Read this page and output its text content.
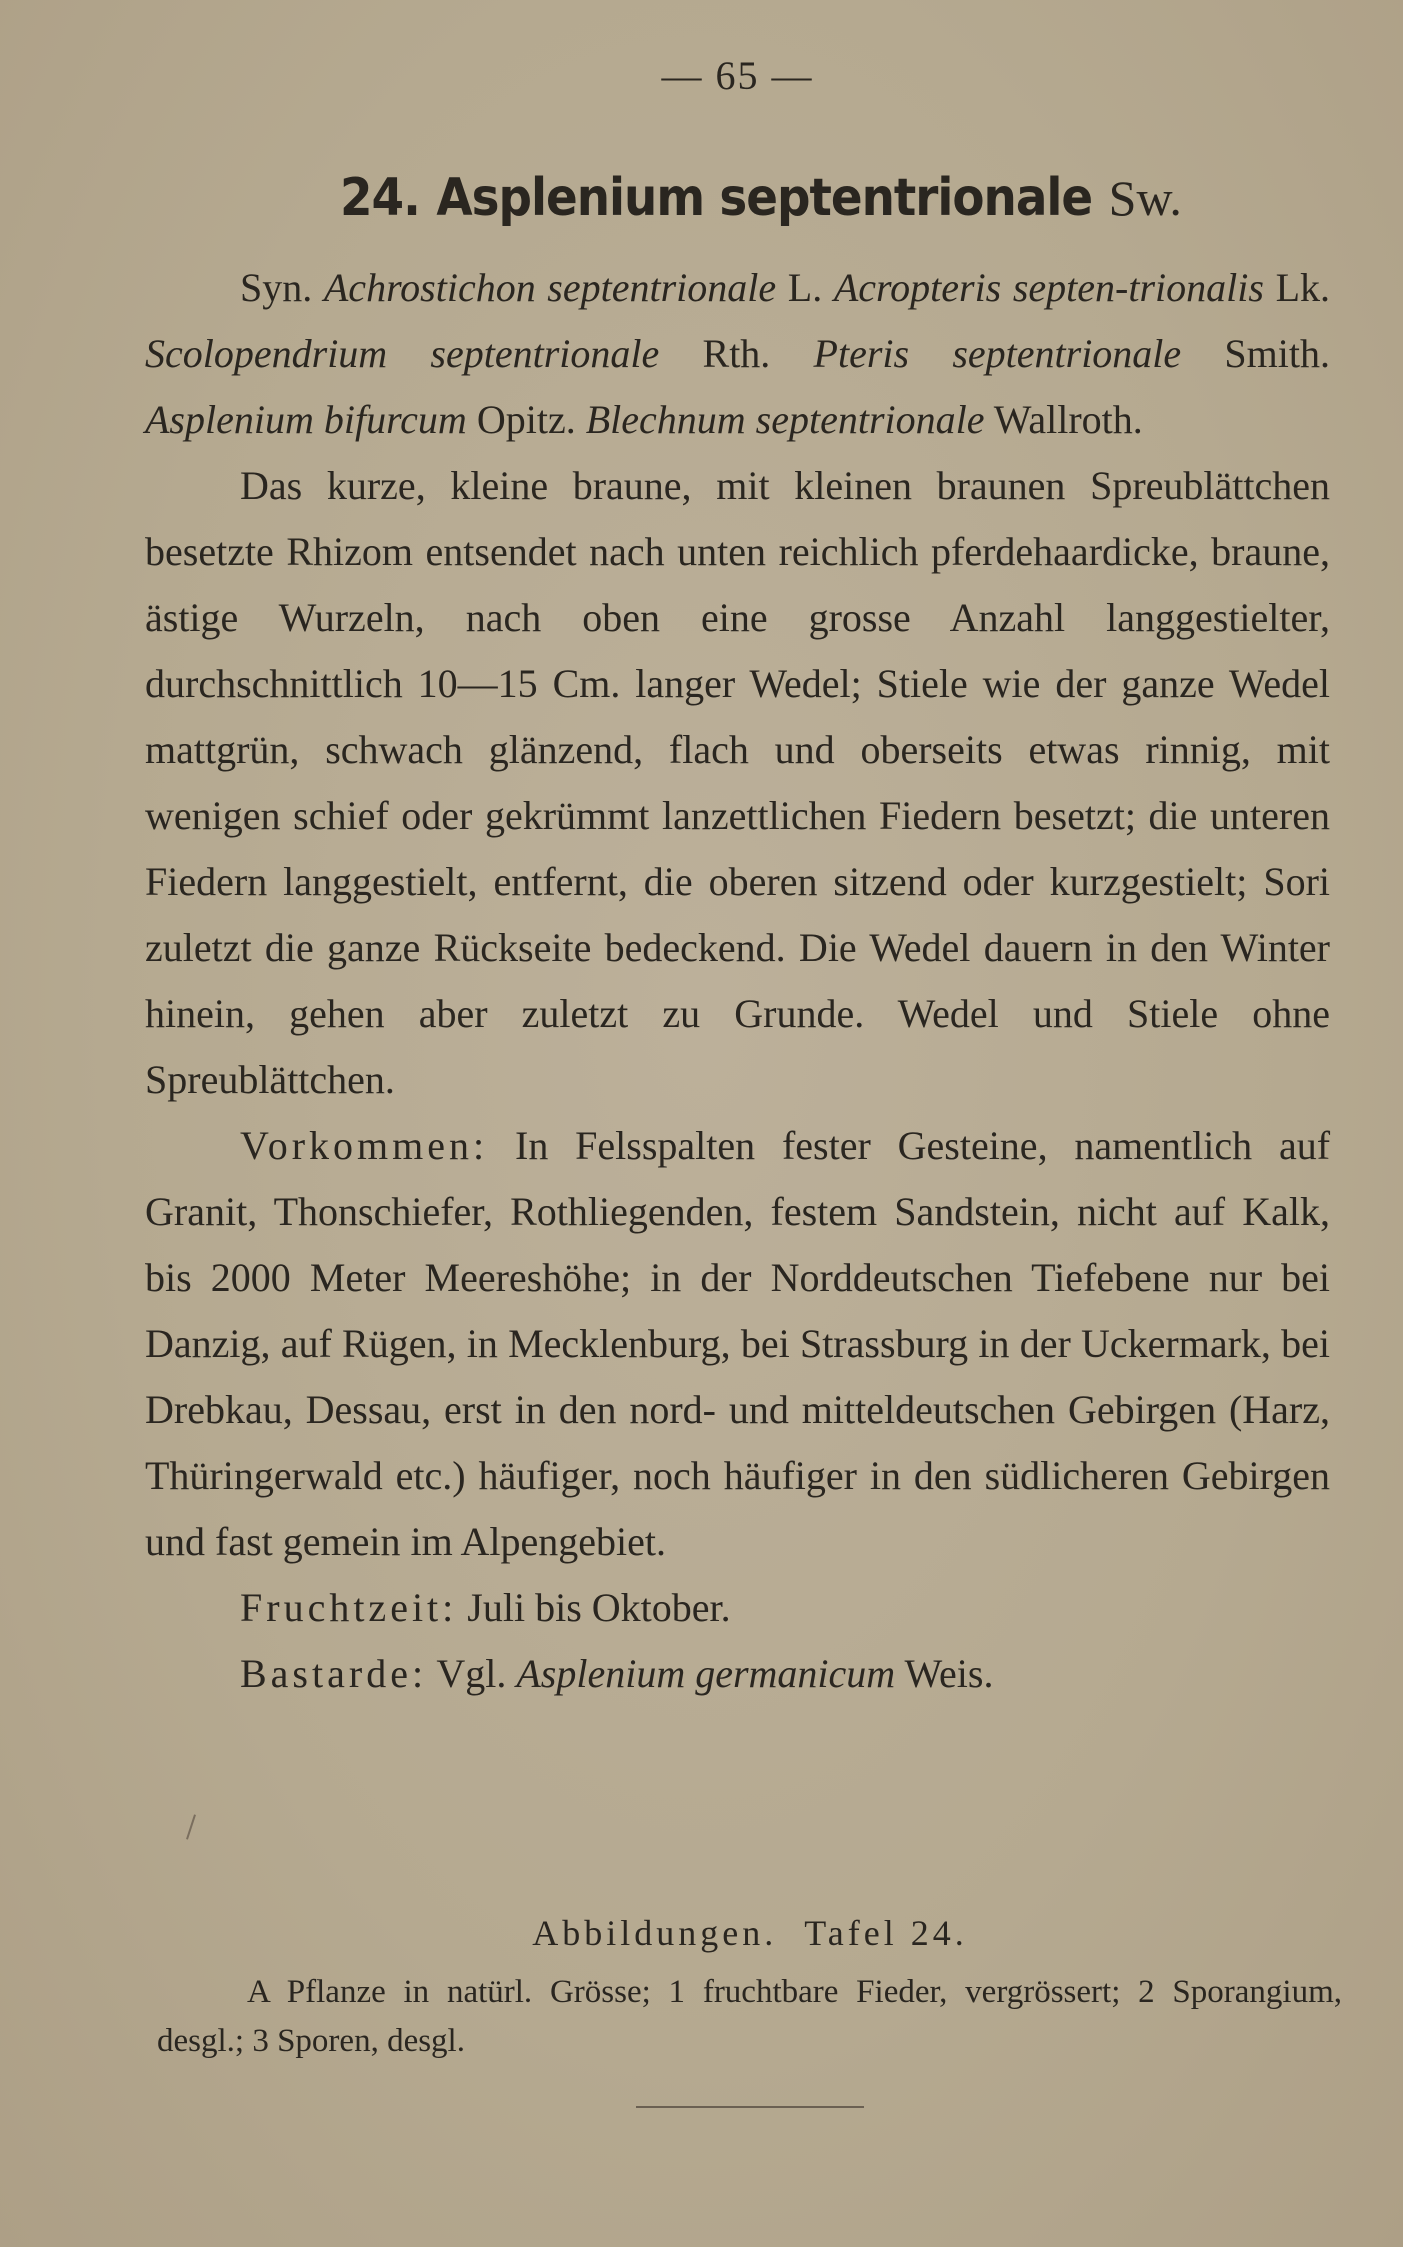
— 65 —
24. Asplenium septentrionale Sw.

Syn. Achrostichon septentrionale L. Acropteris septen-trionalis Lk. Scolopendrium septentrionale Rth. Pteris septentrionale Smith. Asplenium bifurcum Opitz. Blechnum septentrionale Wallroth.

Das kurze, kleine braune, mit kleinen braunen Spreublättchen besetzte Rhizom entsendet nach unten reichlich pferdehaardicke, braune, ästige Wurzeln, nach oben eine grosse Anzahl langgestielter, durchschnittlich 10—15 Cm. langer Wedel; Stiele wie der ganze Wedel mattgrün, schwach glänzend, flach und oberseits etwas rinnig, mit wenigen schief oder gekrümmt lanzettlichen Fiedern besetzt; die unteren Fiedern langgestielt, entfernt, die oberen sitzend oder kurzgestielt; Sori zuletzt die ganze Rückseite bedeckend. Die Wedel dauern in den Winter hinein, gehen aber zuletzt zu Grunde. Wedel und Stiele ohne Spreublättchen.

Vorkommen: In Felsspalten fester Gesteine, namentlich auf Granit, Thonschiefer, Rothliegenden, festem Sandstein, nicht auf Kalk, bis 2000 Meter Meereshöhe; in der Norddeutschen Tiefebene nur bei Danzig, auf Rügen, in Mecklenburg, bei Strassburg in der Uckermark, bei Drebkau, Dessau, erst in den nord- und mitteldeutschen Gebirgen (Harz, Thüringerwald etc.) häufiger, noch häufiger in den südlicheren Gebirgen und fast gemein im Alpengebiet.

Fruchtzeit: Juli bis Oktober.

Bastarde: Vgl. Asplenium germanicum Weis.

Abbildungen. Tafel 24.

A Pflanze in natürl. Grösse; 1 fruchtbare Fieder, vergrössert; 2 Sporangium, desgl.; 3 Sporen, desgl.
